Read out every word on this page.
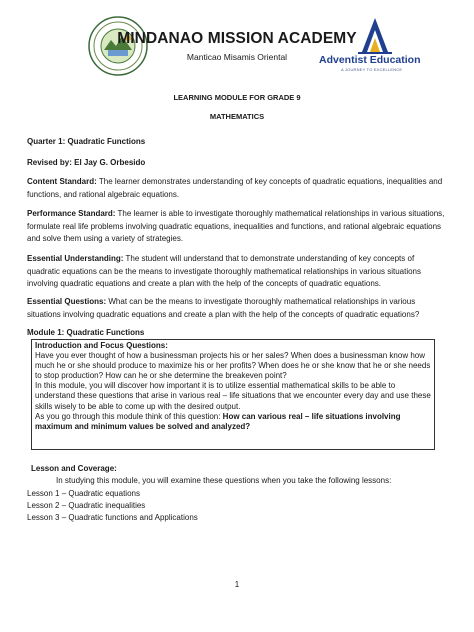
MINDANAO MISSION ACADEMY
Manticao Misamis Oriental	Adventist Education
A JOURNEY TO EXCELLENCE
LEARNING MODULE FOR GRADE 9
MATHEMATICS
Quarter 1: Quadratic Functions
Revised by: El Jay G. Orbesido
Content Standard: The learner demonstrates understanding of key concepts of quadratic equations, inequalities and functions, and rational algebraic equations.
Performance Standard: The learner is able to investigate thoroughly mathematical relationships in various situations, formulate real life problems involving quadratic equations, inequalities and functions, and rational algebraic equations and solve them using a variety of strategies.
Essential Understanding: The student will understand that to demonstrate understanding of key concepts of quadratic equations can be the means to investigate thoroughly mathematical relationships in various situations involving quadratic equations and create a plan with the help of the concepts of quadratic equations.
Essential Questions: What can be the means to investigate thoroughly mathematical relationships in various situations involving quadratic equations and create a plan with the help of the concepts of quadratic equations?
Module 1: Quadratic Functions
Introduction and Focus Questions:
Have you ever thought of how a businessman projects his or her sales? When does a businessman know how much he or she should produce to maximize his or her profits? When does he or she know that he or she needs to stop production? How can he or she determine the breakeven point?
In this module, you will discover how important it is to utilize essential mathematical skills to be able to understand these questions that arise in various real – life situations that we encounter every day and use these skills wisely to be able to come up with the desired output.
As you go through this module think of this question: How can various real – life situations involving maximum and minimum values be solved and analyzed?
Lesson and Coverage:
In studying this module, you will examine these questions when you take the following lessons:
Lesson 1 – Quadratic equations
Lesson 2 – Quadratic inequalities
Lesson 3 – Quadratic functions and Applications
1
